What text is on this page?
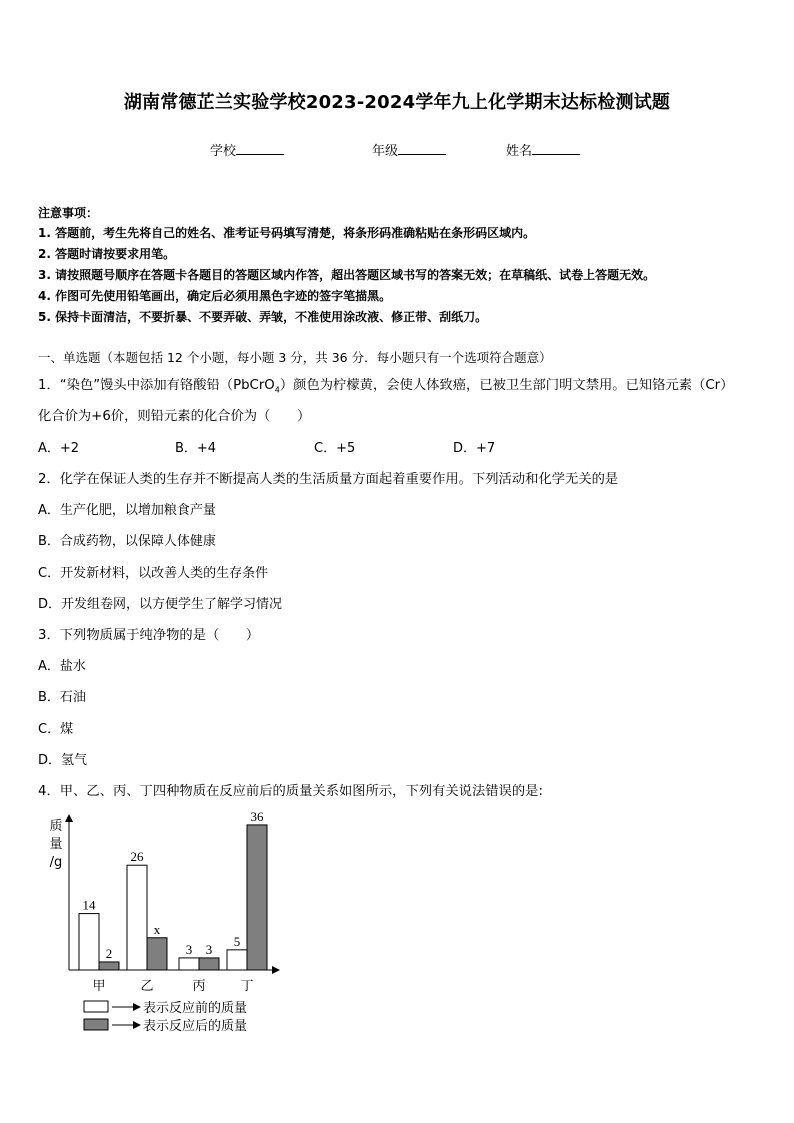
湖南常德芷兰实验学校2023-2024学年九上化学期末达标检测试题
学校	年级	姓名
注意事项：
1. 答题前，考生先将自己的姓名、准考证号码填写清楚，将条形码准确粘贴在条形码区域内。
2. 答题时请按要求用笔。
3. 请按照题号顺序在答题卡各题目的答题区域内作答，超出答题区域书写的答案无效；在草稿纸、试卷上答题无效。
4. 作图可先使用铅笔画出，确定后必须用黑色字迹的签字笔描黑。
5. 保持卡面清洁，不要折暴、不要弄破、弄皱，不准使用涂改液、修正带、刮纸刀。
一、单选题（本题包括 12 个小题，每小题 3 分，共 36 分．每小题只有一个选项符合题意）
1．“染色”馒头中添加有铬酸铅（PbCrO$_4$）颜色为柠檬黄，会使人体致癌，已被卫生部门明文禁用。已知铬元素（Cr）
化合价为+6价，则铅元素的化合价为（　　）
A．+2	B．+4	C．+5	D．+7
2．化学在保证人类的生存并不断提高人类的生活质量方面起着重要作用。下列活动和化学无关的是
A．生产化肥，以增加粮食产量
B．合成药物，以保障人体健康
C．开发新材料，以改善人类的生存条件
D．开发组卷网，以方便学生了解学习情况
3．下列物质属于纯净物的是（　　）
A．盐水
B．石油
C．煤
D．氢气
4．甲、乙、丙、丁四种物质在反应前后的质量关系如图所示，下列有关说法错误的是:
质
量
/g
14
2
甲
26
x
乙
3 3
丙
5
36
丁
表示反应前的质量
表示反应后的质量
